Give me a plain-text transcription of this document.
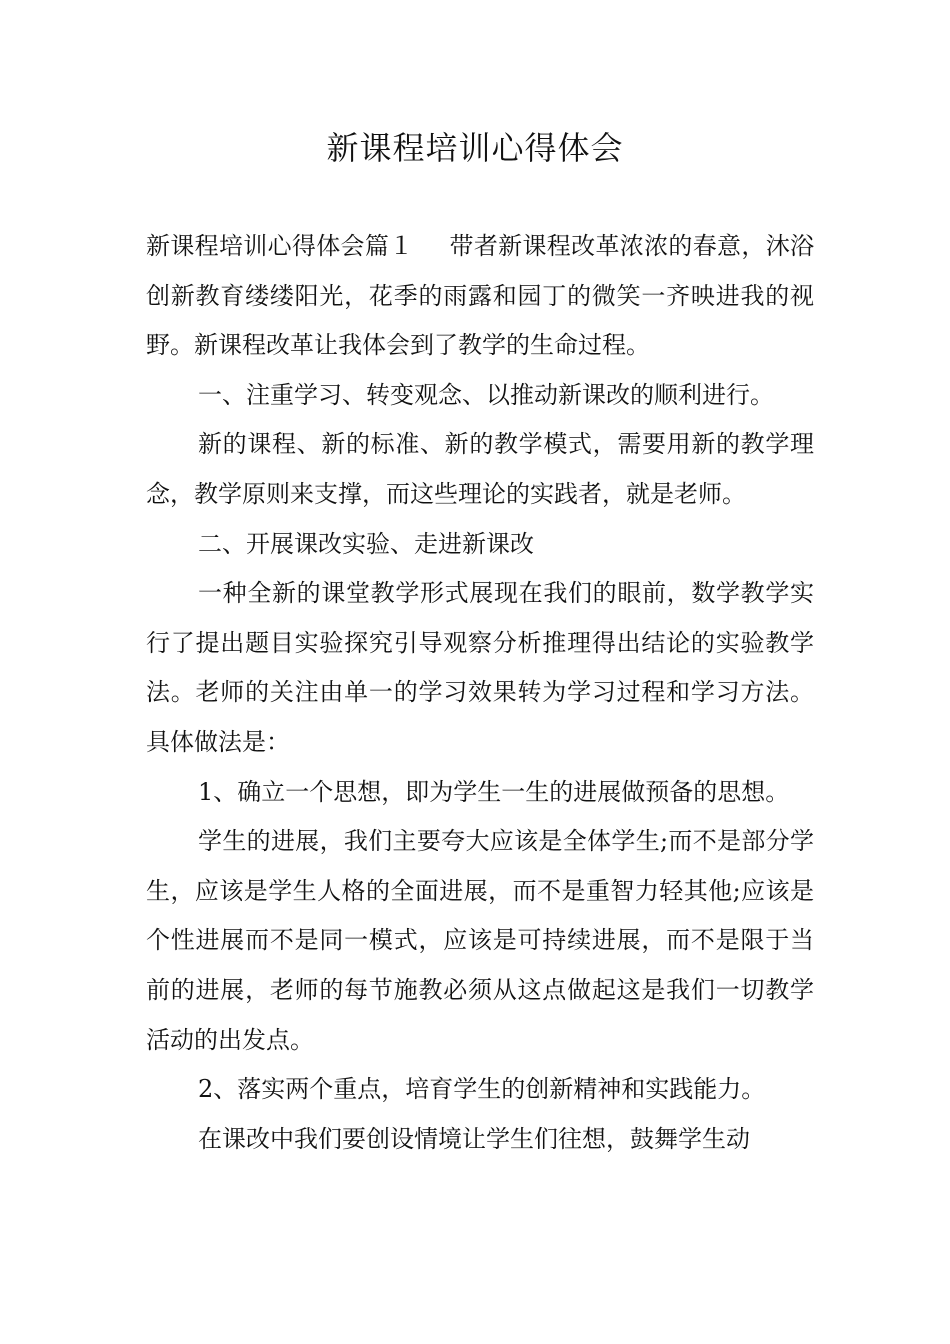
新课程培训心得体会

新课程培训心得体会篇１ 带者新课程改革浓浓的春意，沐浴创新教育缕缕阳光，花季的雨露和园丁的微笑一齐映进我的视野。新课程改革让我体会到了教学的生命过程。

一、注重学习、转变观念、以推动新课改的顺利进行。

新的课程、新的标准、新的教学模式，需要用新的教学理念，教学原则来支撑，而这些理论的实践者，就是老师。

二、开展课改实验、走进新课改

一种全新的课堂教学形式展现在我们的眼前，数学教学实行了提出题目实验探究引导观察分析推理得出结论的实验教学法。老师的关注由单一的学习效果转为学习过程和学习方法。具体做法是：

1、确立一个思想，即为学生一生的进展做预备的思想。

学生的进展，我们主要夸大应该是全体学生;而不是部分学生，应该是学生人格的全面进展，而不是重智力轻其他;应该是个性进展而不是同一模式，应该是可持续进展，而不是限于当前的进展，老师的每节施教必须从这点做起这是我们一切教学活动的出发点。

2、落实两个重点，培育学生的创新精神和实践能力。

在课改中我们要创设情境让学生们往想，鼓舞学生动
